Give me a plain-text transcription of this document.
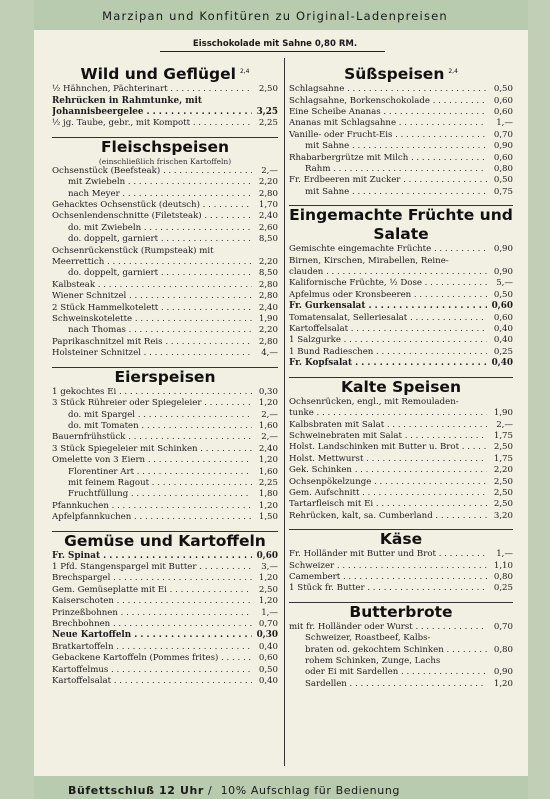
Marzipan und Konfitüren zu Original-Ladenpreisen
Eisschokolade mit Sahne 0,80 RM.
Wild und Geflügel $^{2,4}$
½ Hähnchen, Pächterinart . . .	2,50
Rehrücken in Rahmtunke, mit
Johannisbeergelee . . .	3,25
½ jg. Taube, gebr., mit Kompott . . .	2,25
Fleischspeisen
(einschließlich frischen Kartoffeln)
Ochsenstück (Beefsteak) . . .	2,—
mit Zwiebeln . . .	2,20
nach Meyer . . .	2,80
Gehacktes Ochsenstück (deutsch) . . .	1,70
Ochsenlendenschnitte (Filetsteak) . . .	2,40
do. mit Zwiebeln . . .	2,60
do. doppelt, garniert . . .	8,50
Ochsenrückenstück (Rumpsteak) mit
Meerrettich . . .	2,20
do. doppelt, garniert . . .	8,50
Kalbsteak . . .	2,80
Wiener Schnitzel . . .	2,80
2 Stück Hammelkotelett . . .	2,40
Schweinskotelette . . .	1,90
nach Thomas . . .	2,20
Paprikaschnitzel mit Reis . . .	2,80
Holsteiner Schnitzel . . .	4,—
Eierspeisen
1 gekochtes Ei . . .	0,30
3 Stück Rühreier oder Spiegeleier . . .	1,20
do. mit Spargel . . .	2,—
do. mit Tomaten . . .	1,60
Bauernfrühstück . . .	2,—
3 Stück Spiegeleier mit Schinken . . .	2,40
Omelette von 3 Eiern . . .	1,20
Florentiner Art . . .	1,60
mit feinem Ragout . . .	2,25
Fruchtfüllung . . .	1,80
Pfannkuchen . . .	1,20
Apfelpfannkuchen . . .	1,50
Gemüse und Kartoffeln
Fr. Spinat . . .	0,60
1 Pfd. Stangenspargel mit Butter . . .	3,—
Brechspargel . . .	1,20
Gem. Gemüseplatte mit Ei . . .	2,50
Kaiserschoten . . .	1,20
Prinzeßbohnen . . .	1,—
Brechbohnen . . .	0,70
Neue Kartoffeln . . .	0,30
Bratkartoffeln . . .	0,40
Gebackene Kartoffeln (Pommes frites) . . .	0,60
Kartoffelmus . . .	0,50
Kartoffelsalat . . .	0,40
Süßspeisen $^{2,4}$
Schlagsahne . . .	0,50
Schlagsahne, Borkenschokolade . . .	0,60
Eine Scheibe Ananas . . .	0,60
Ananas mit Schlagsahne . . .	1,—
Vanille- oder Frucht-Eis . . .	0,70
mit Sahne . . .	0,90
Rhabarbergrütze mit Milch . . .	0,60
Rahm . . .	0,80
Fr. Erdbeeren mit Zucker . . .	0,50
mit Sahne . . .	0,75
Eingemachte Früchte und Salate
Gemischte eingemachte Früchte . . .	0,90
Birnen, Kirschen, Mirabellen, Reine-
clauden . . .	0,90
Kalifornische Früchte, ½ Dose . . .	5,—
Apfelmus oder Kronsbeeren . . .	0,50
Fr. Gurkensalat . . .	0,60
Tomatensalat, Selleriesalat . . .	0,60
Kartoffelsalat . . .	0,40
1 Salzgurke . . .	0,40
1 Bund Radieschen . . .	0,25
Fr. Kopfsalat . . .	0,40
Kalte Speisen
Ochsenrücken, engl., mit Remouladen-
tunke . . .	1,90
Kalbsbraten mit Salat . . .	2,—
Schweinebraten mit Salat . . .	1,75
Holst. Landschinken mit Butter u. Brot . . .	2,50
Holst. Mettwurst . . .	1,75
Gek. Schinken . . .	2,20
Ochsenpökelzunge . . .	2,50
Gem. Aufschnitt . . .	2,50
Tartarfleisch mit Ei . . .	2,50
Rehrücken, kalt, sa. Cumberland . . .	3,20
Käse
Fr. Holländer mit Butter und Brot . . .	1,—
Schweizer . . .	1,10
Camembert . . .	0,80
1 Stück fr. Butter . . .	0,25
Butterbrote
mit fr. Holländer oder Wurst . . .	0,70
Schweizer, Roastbeef, Kalbs-
braten od. gekochtem Schinken . . .	0,80
rohem Schinken, Zunge, Lachs
oder Ei mit Sardellen . . .	0,90
Sardellen . . .	1,20
Büfettschluß 12 Uhr /  10% Aufschlag für Bedienung
